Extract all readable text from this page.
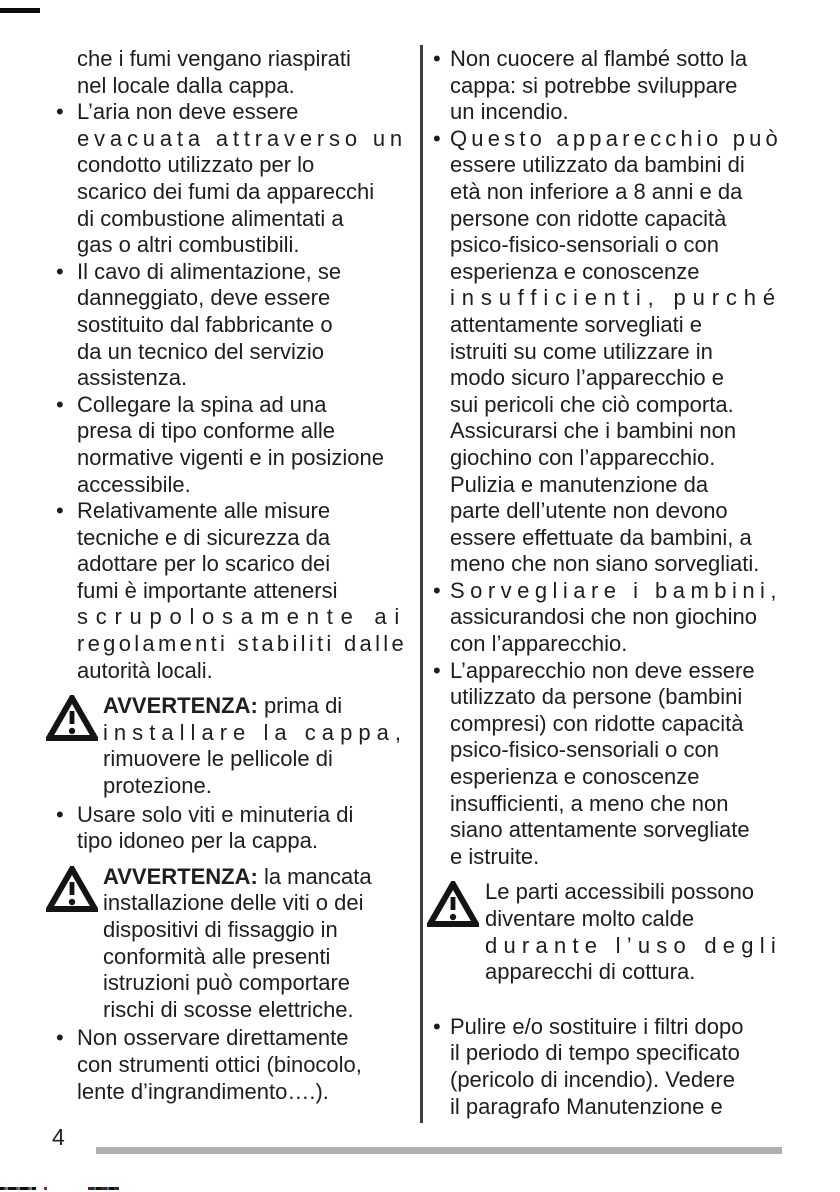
che i fumi vengano riaspirati
nel locale dalla cappa.
• L’aria non deve essere
evacuata attraverso un
condotto utilizzato per lo
scarico dei fumi da apparecchi
di combustione alimentati a
gas o altri combustibili.
• Il cavo di alimentazione, se
danneggiato, deve essere
sostituito dal fabbricante o
da un tecnico del servizio
assistenza.
• Collegare la spina ad una
presa di tipo conforme alle
normative vigenti e in posizione
accessibile.
• Relativamente alle misure
tecniche e di sicurezza da
adottare per lo scarico dei
fumi è importante attenersi
scrupolosamente ai
regolamenti stabiliti dalle
autorità locali.
AVVERTENZA: prima di
installare la cappa,
rimuovere le pellicole di
protezione.
• Usare solo viti e minuteria di
tipo idoneo per la cappa.
AVVERTENZA: la mancata
installazione delle viti o dei
dispositivi di fissaggio in
conformità alle presenti
istruzioni può comportare
rischi di scosse elettriche.
• Non osservare direttamente
con strumenti ottici (binocolo,
lente d’ingrandimento….).
• Non cuocere al flambé sotto la
cappa: si potrebbe sviluppare
un incendio.
• Questo apparecchio può
essere utilizzato da bambini di
età non inferiore a 8 anni e da
persone con ridotte capacità
psico-fisico-sensoriali o con
esperienza e conoscenze
insufficienti, purché
attentamente sorvegliati e
istruiti su come utilizzare in
modo sicuro l’apparecchio e
sui pericoli che ciò comporta.
Assicurarsi che i bambini non
giochino con l’apparecchio.
Pulizia e manutenzione da
parte dell’utente non devono
essere effettuate da bambini, a
meno che non siano sorvegliati.
• Sorvegliare i bambini,
assicurandosi che non giochino
con l’apparecchio.
• L’apparecchio non deve essere
utilizzato da persone (bambini
compresi) con ridotte capacità
psico-fisico-sensoriali o con
esperienza e conoscenze
insufficienti, a meno che non
siano attentamente sorvegliate
e istruite.
Le parti accessibili possono
diventare molto calde
durante l’uso degli
apparecchi di cottura.
• Pulire e/o sostituire i filtri dopo
il periodo di tempo specificato
(pericolo di incendio). Vedere
il paragrafo Manutenzione e
4
